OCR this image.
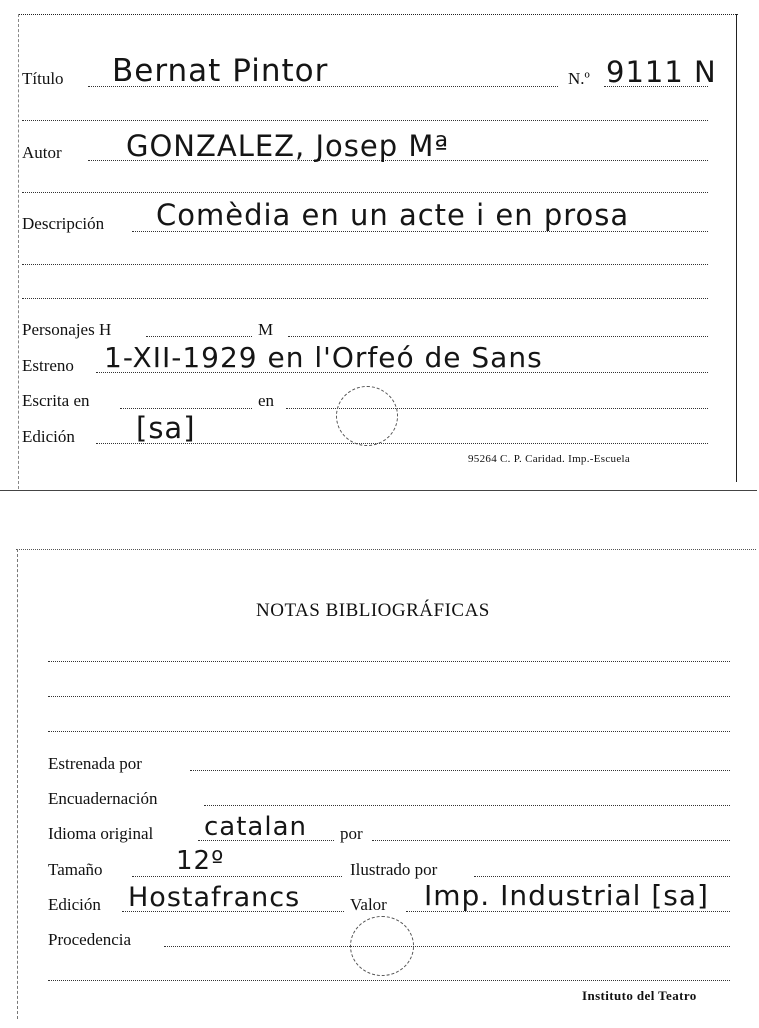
Título Bernat Pintor	N.º 9111 N
Autor GONZALEZ, Josep Mª
Descripción Comèdia en un acte i en prosa
Personajes H	M
Estreno 1-XII-1929 en l'Orfeó de Sans
Escrita en	en
Edición [sa]
95264 C. P. Caridad. Imp.-Escuela
NOTAS BIBLIOGRÁFICAS
Estrenada por
Encuadernación
Idioma original catalan por
Tamaño	12º	Ilustrado por
Edición Hostafrancs	Valor Imp. Industrial [sa]
Procedencia
Instituto del Teatro
